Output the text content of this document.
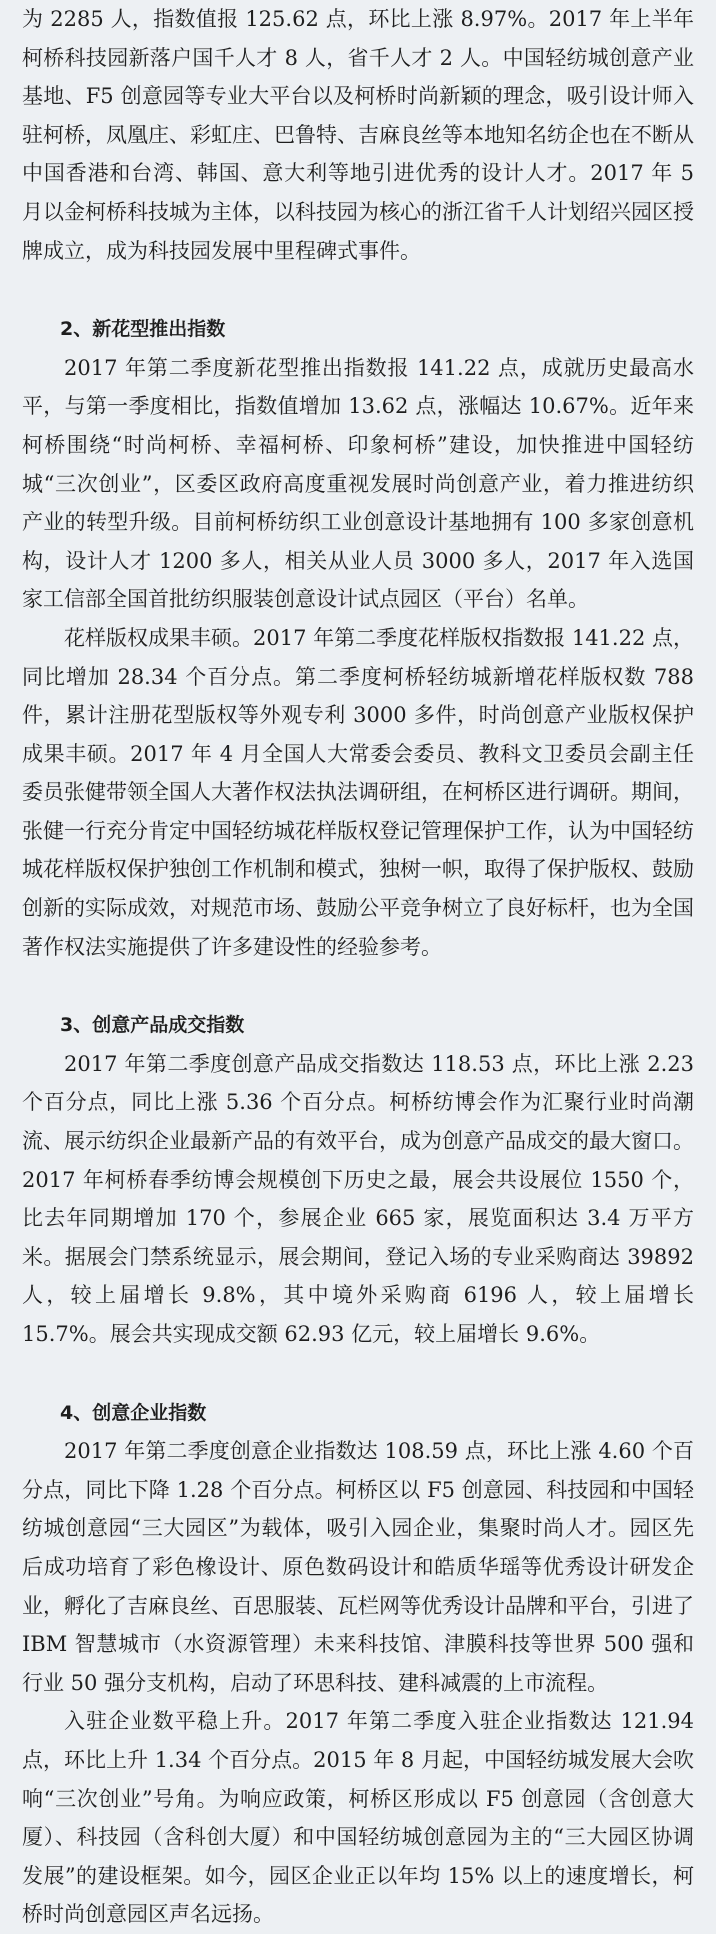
为 2285 人，指数值报 125.62 点，环比上涨 8.97%。2017 年上半年柯桥科技园新落户国千人才 8 人，省千人才 2 人。中国轻纺城创意产业基地、F5 创意园等专业大平台以及柯桥时尚新颖的理念，吸引设计师入驻柯桥，凤凰庄、彩虹庄、巴鲁特、吉麻良丝等本地知名纺企也在不断从中国香港和台湾、韩国、意大利等地引进优秀的设计人才。2017 年 5 月以金柯桥科技城为主体，以科技园为核心的浙江省千人计划绍兴园区授牌成立，成为科技园发展中里程碑式事件。

2、新花型推出指数

2017 年第二季度新花型推出指数报 141.22 点，成就历史最高水平，与第一季度相比，指数值增加 13.62 点，涨幅达 10.67%。近年来柯桥围绕“时尚柯桥、幸福柯桥、印象柯桥”建设，加快推进中国轻纺城“三次创业”，区委区政府高度重视发展时尚创意产业，着力推进纺织产业的转型升级。目前柯桥纺织工业创意设计基地拥有 100 多家创意机构，设计人才 1200 多人，相关从业人员 3000 多人，2017 年入选国家工信部全国首批纺织服装创意设计试点园区（平台）名单。

花样版权成果丰硕。2017 年第二季度花样版权指数报 141.22 点，同比增加 28.34 个百分点。第二季度柯桥轻纺城新增花样版权数 788 件，累计注册花型版权等外观专利 3000 多件，时尚创意产业版权保护成果丰硕。2017 年 4 月全国人大常委会委员、教科文卫委员会副主任委员张健带领全国人大著作权法执法调研组，在柯桥区进行调研。期间，张健一行充分肯定中国轻纺城花样版权登记管理保护工作，认为中国轻纺城花样版权保护独创工作机制和模式，独树一帜，取得了保护版权、鼓励创新的实际成效，对规范市场、鼓励公平竞争树立了良好标杆，也为全国著作权法实施提供了许多建设性的经验参考。

3、创意产品成交指数

2017 年第二季度创意产品成交指数达 118.53 点，环比上涨 2.23 个百分点，同比上涨 5.36 个百分点。柯桥纺博会作为汇聚行业时尚潮流、展示纺织企业最新产品的有效平台，成为创意产品成交的最大窗口。2017 年柯桥春季纺博会规模创下历史之最，展会共设展位 1550 个，比去年同期增加 170 个，参展企业 665 家，展览面积达 3.4 万平方米。据展会门禁系统显示，展会期间，登记入场的专业采购商达 39892 人，较上届增长 9.8%，其中境外采购商 6196 人，较上届增长 15.7%。展会共实现成交额 62.93 亿元，较上届增长 9.6%。

4、创意企业指数

2017 年第二季度创意企业指数达 108.59 点，环比上涨 4.60 个百分点，同比下降 1.28 个百分点。柯桥区以 F5 创意园、科技园和中国轻纺城创意园“三大园区”为载体，吸引入园企业，集聚时尚人才。园区先后成功培育了彩色橡设计、原色数码设计和皓质华瑶等优秀设计研发企业，孵化了吉麻良丝、百思服装、瓦栏网等优秀设计品牌和平台，引进了 IBM 智慧城市（水资源管理）未来科技馆、津膜科技等世界 500 强和行业 50 强分支机构，启动了环思科技、建科减震的上市流程。

入驻企业数平稳上升。2017 年第二季度入驻企业指数达 121.94 点，环比上升 1.34 个百分点。2015 年 8 月起，中国轻纺城发展大会吹响“三次创业”号角。为响应政策，柯桥区形成以 F5 创意园（含创意大厦）、科技园（含科创大厦）和中国轻纺城创意园为主的“三大园区协调发展”的建设框架。如今，园区企业正以年均 15% 以上的速度增长，柯桥时尚创意园区声名远扬。
